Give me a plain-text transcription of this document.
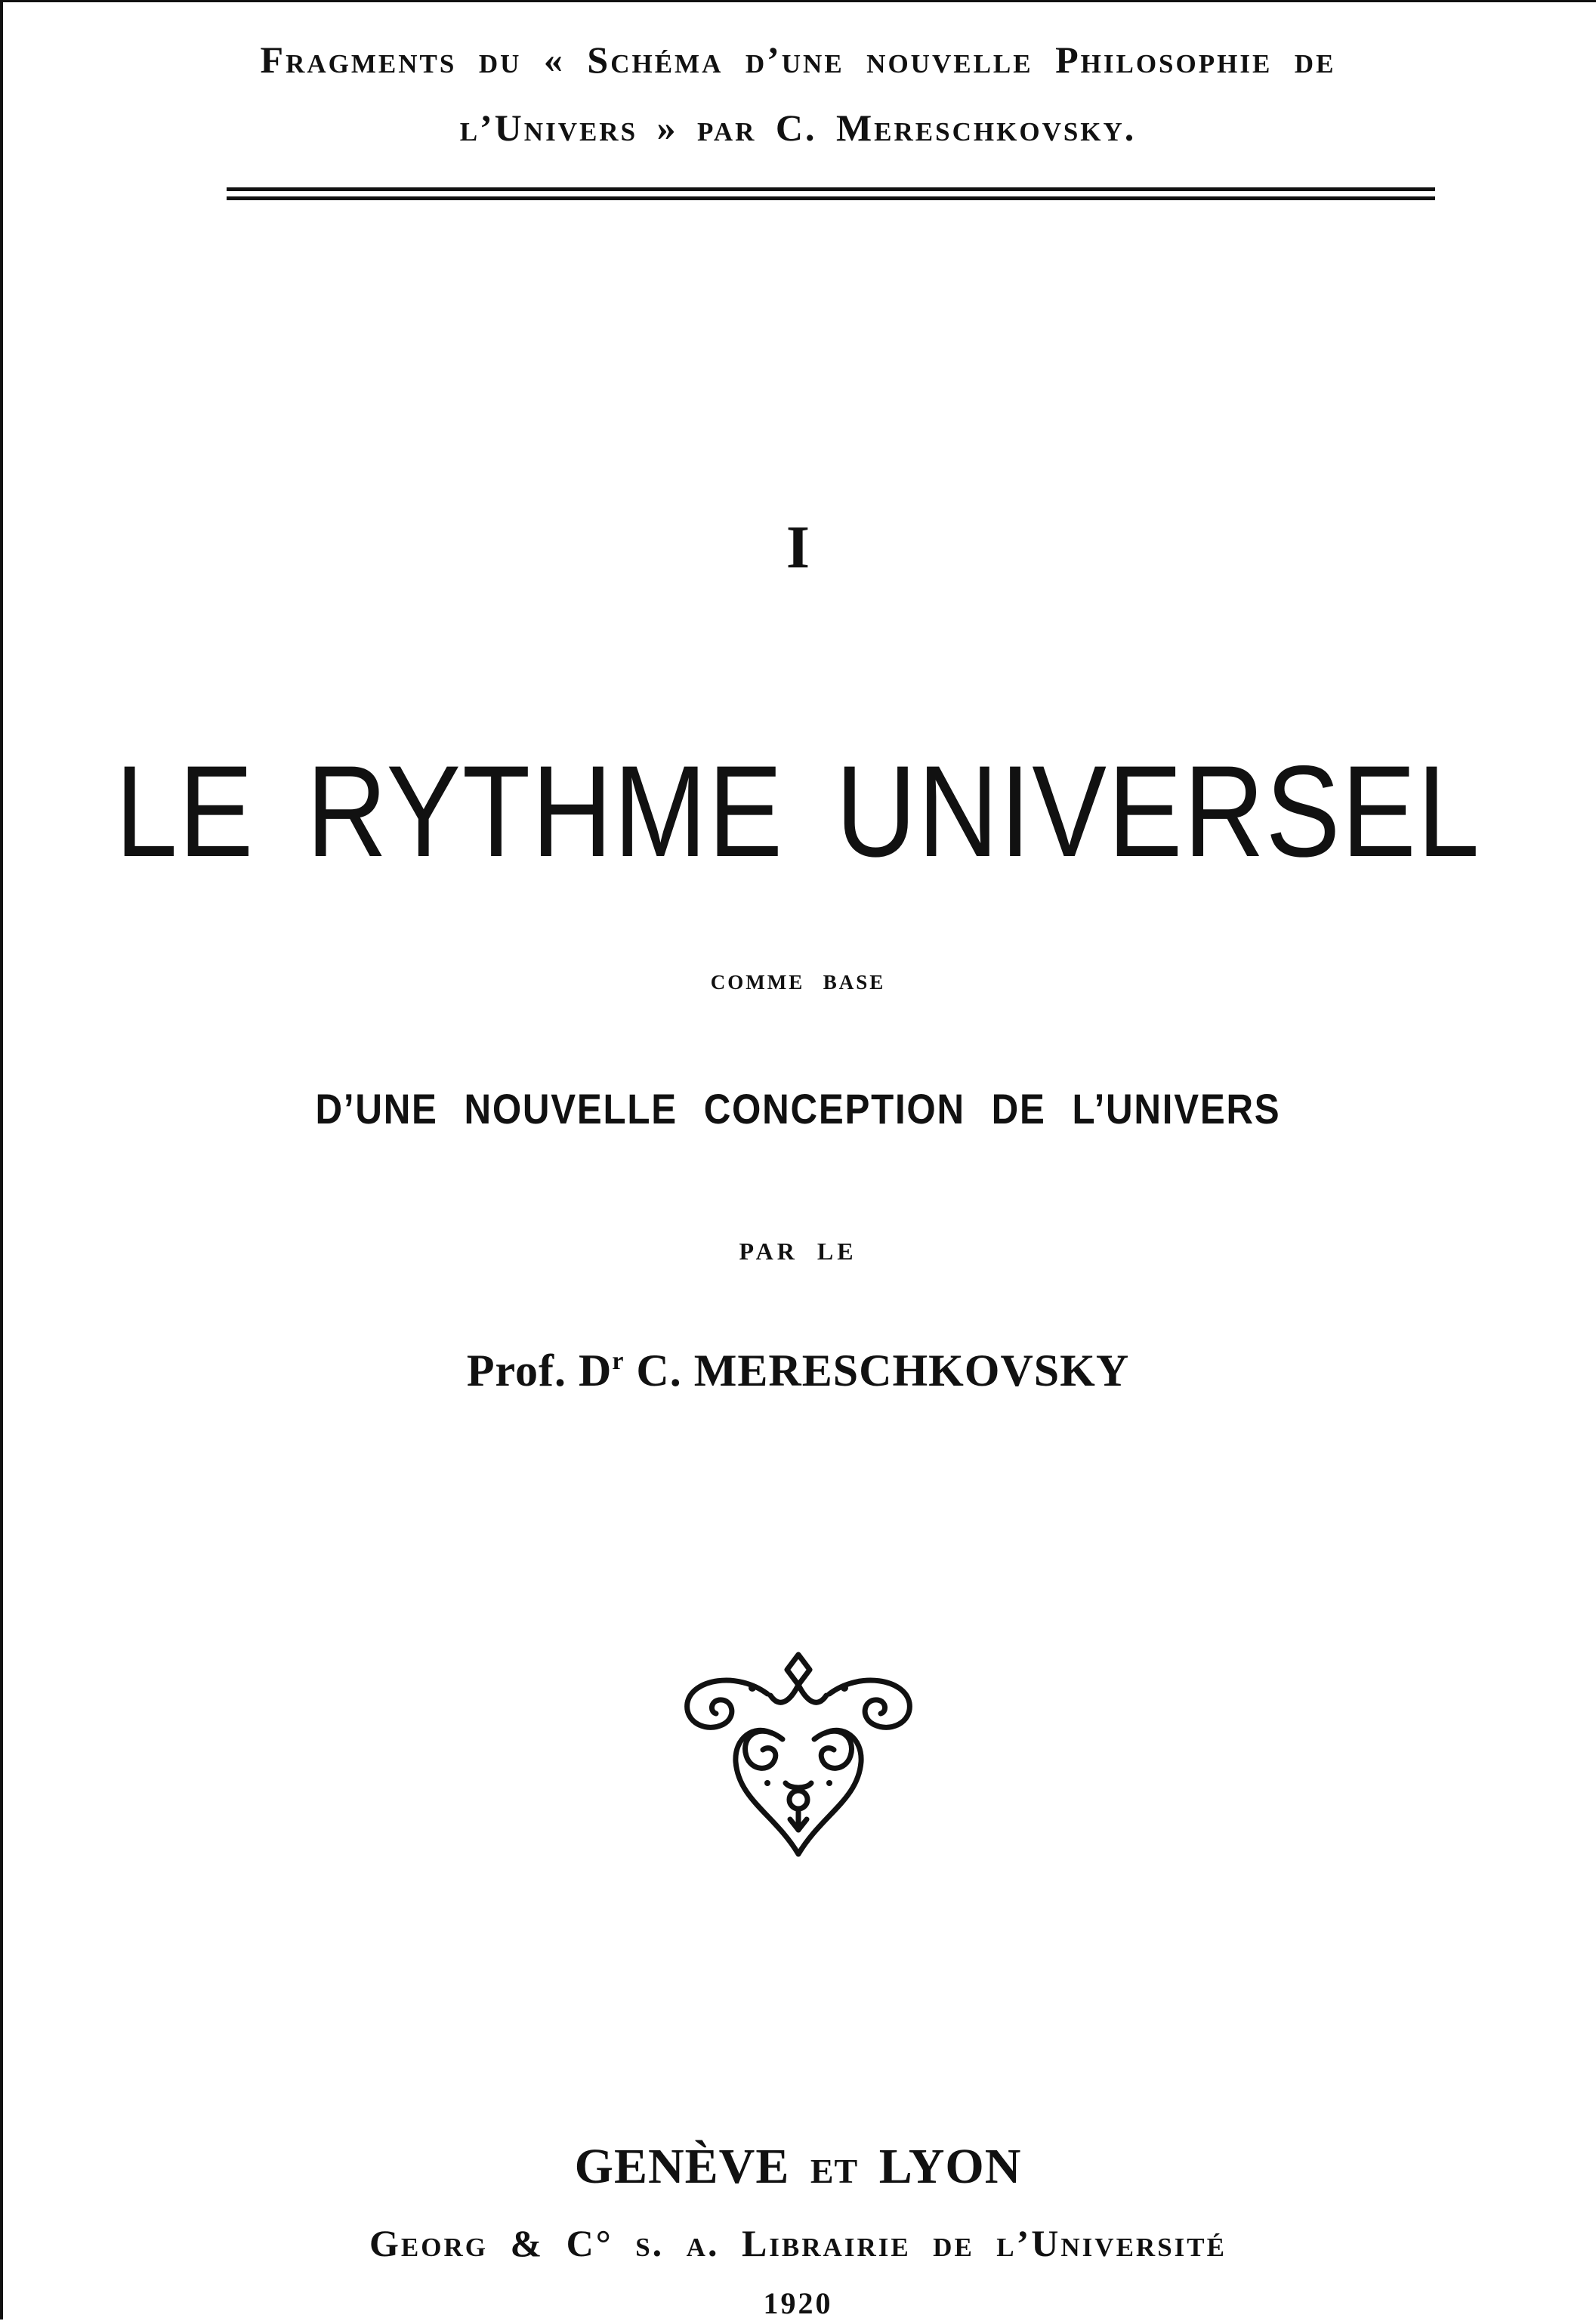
Fragments du « Schéma d’une nouvelle Philosophie de
l’Univers » par C. Mereschkovsky.
I
LE RYTHME UNIVERSEL
comme base
D’UNE NOUVELLE CONCEPTION DE L’UNIVERS
PAR LE
Prof. $D^r$ C. MERESCHKOVSKY
GENÈVE et LYON
Georg & C° s. a. Librairie de l’Université
1920
